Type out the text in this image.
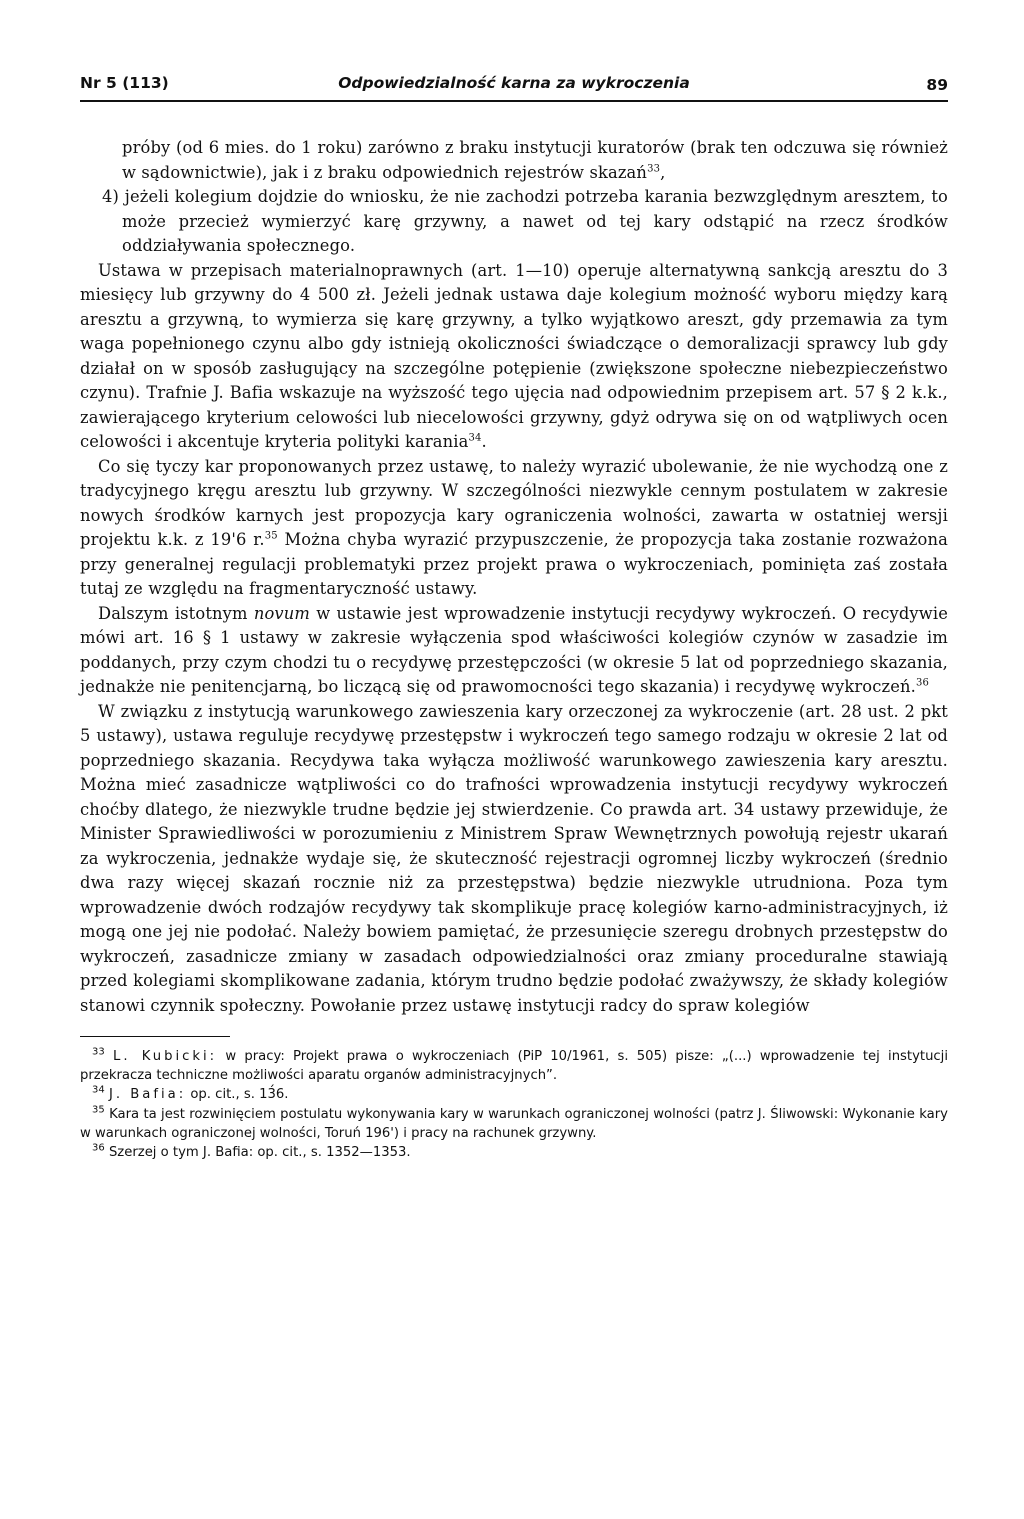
Nr 5 (113)	Odpowiedzialność karna za wykroczenia	89

próby (od 6 mies. do 1 roku) zarówno z braku instytucji kuratorów (brak ten odczuwa się również w sądownictwie), jak i z braku odpowiednich rejestrów skazań$^{33}$,

4) jeżeli kolegium dojdzie do wniosku, że nie zachodzi potrzeba karania bezwzględnym aresztem, to może przecież wymierzyć karę grzywny, a nawet od tej kary odstąpić na rzecz środków oddziaływania społecznego.

Ustawa w przepisach materialnoprawnych (art. 1—10) operuje alternatywną sankcją aresztu do 3 miesięcy lub grzywny do 4 500 zł. Jeżeli jednak ustawa daje kolegium możność wyboru między karą aresztu a grzywną, to wymierza się karę grzywny, a tylko wyjątkowo areszt, gdy przemawia za tym waga popełnionego czynu albo gdy istnieją okoliczności świadczące o demoralizacji sprawcy lub gdy działał on w sposób zasługujący na szczególne potępienie (zwiększone społeczne niebezpieczeństwo czynu). Trafnie J. Bafia wskazuje na wyższość tego ujęcia nad odpowiednim przepisem art. 57 § 2 k.k., zawierającego kryterium celowości lub niecelowości grzywny, gdyż odrywa się on od wątpliwych ocen celowości i akcentuje kryteria polityki karania$^{34}$.

Co się tyczy kar proponowanych przez ustawę, to należy wyrazić ubolewanie, że nie wychodzą one z tradycyjnego kręgu aresztu lub grzywny. W szczególności niezwykle cennym postulatem w zakresie nowych środków karnych jest propozycja kary ograniczenia wolności, zawarta w ostatniej wersji projektu k.k. z 19'6 r.$^{35}$ Można chyba wyrazić przypuszczenie, że propozycja taka zostanie rozważona przy generalnej regulacji problematyki przez projekt prawa o wykroczeniach, pominięta zaś została tutaj ze względu na fragmentaryczność ustawy.

Dalszym istotnym novum w ustawie jest wprowadzenie instytucji recydywy wykroczeń. O recydywie mówi art. 16 § 1 ustawy w zakresie wyłączenia spod właściwości kolegiów czynów w zasadzie im poddanych, przy czym chodzi tu o recydywę przestępczości (w okresie 5 lat od poprzedniego skazania, jednakże nie penitencjarną, bo liczącą się od prawomocności tego skazania) i recydywę wykroczeń.$^{36}$

W związku z instytucją warunkowego zawieszenia kary orzeczonej za wykroczenie (art. 28 ust. 2 pkt 5 ustawy), ustawa reguluje recydywę przestępstw i wykroczeń tego samego rodzaju w okresie 2 lat od poprzedniego skazania. Recydywa taka wyłącza możliwość warunkowego zawieszenia kary aresztu. Można mieć zasadnicze wątpliwości co do trafności wprowadzenia instytucji recydywy wykroczeń choćby dlatego, że niezwykle trudne będzie jej stwierdzenie. Co prawda art. 34 ustawy przewiduje, że Minister Sprawiedliwości w porozumieniu z Ministrem Spraw Wewnętrznych powołują rejestr ukarań za wykroczenia, jednakże wydaje się, że skuteczność rejestracji ogromnej liczby wykroczeń (średnio dwa razy więcej skazań rocznie niż za przestępstwa) będzie niezwykle utrudniona. Poza tym wprowadzenie dwóch rodzajów recydywy tak skomplikuje pracę kolegiów karno-administracyjnych, iż mogą one jej nie podołać. Należy bowiem pamiętać, że przesunięcie szeregu drobnych przestępstw do wykroczeń, zasadnicze zmiany w zasadach odpowiedzialności oraz zmiany proceduralne stawiają przed kolegiami skomplikowane zadania, którym trudno będzie podołać zważywszy, że składy kolegiów stanowi czynnik społeczny. Powołanie przez ustawę instytucji radcy do spraw kolegiów

$^{33}$ L. Kubicki: w pracy: Projekt prawa o wykroczeniach (PiP 10/1961, s. 505) pisze: „(...) wprowadzenie tej instytucji przekracza techniczne możliwości aparatu organów administracyjnych”.

$^{34}$ J. Bafia: op. cit., s. 13́6.

$^{35}$ Kara ta jest rozwinięciem postulatu wykonywania kary w warunkach ograniczonej wolności (patrz J. Śliwowski: Wykonanie kary w warunkach ograniczonej wolności, Toruń 196') i pracy na rachunek grzywny.

$^{36}$ Szerzej o tym J. Bafia: op. cit., s. 1352—1353.
